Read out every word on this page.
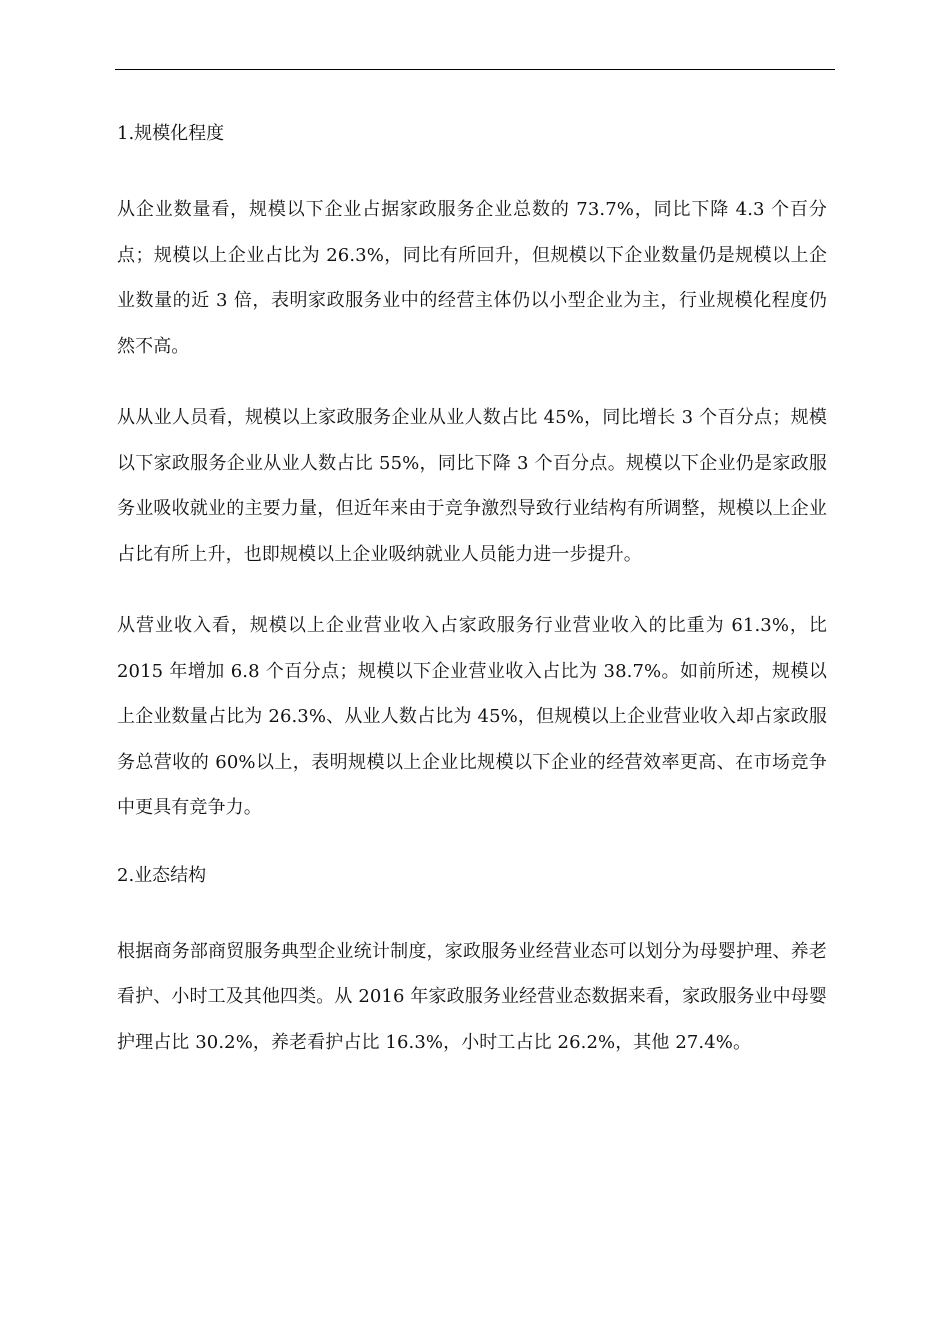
1.规模化程度

从企业数量看，规模以下企业占据家政服务企业总数的 73.7%，同比下降 4.3 个百分点；规模以上企业占比为 26.3%，同比有所回升，但规模以下企业数量仍是规模以上企业数量的近 3 倍，表明家政服务业中的经营主体仍以小型企业为主，行业规模化程度仍然不高。

从从业人员看，规模以上家政服务企业从业人数占比 45%，同比增长 3 个百分点；规模以下家政服务企业从业人数占比 55%，同比下降 3 个百分点。规模以下企业仍是家政服务业吸收就业的主要力量，但近年来由于竞争激烈导致行业结构有所调整，规模以上企业占比有所上升，也即规模以上企业吸纳就业人员能力进一步提升。

从营业收入看，规模以上企业营业收入占家政服务行业营业收入的比重为 61.3%，比 2015 年增加 6.8 个百分点；规模以下企业营业收入占比为 38.7%。如前所述，规模以上企业数量占比为 26.3%、从业人数占比为 45%，但规模以上企业营业收入却占家政服务总营收的 60%以上，表明规模以上企业比规模以下企业的经营效率更高、在市场竞争中更具有竞争力。

2.业态结构

根据商务部商贸服务典型企业统计制度，家政服务业经营业态可以划分为母婴护理、养老看护、小时工及其他四类。从 2016 年家政服务业经营业态数据来看，家政服务业中母婴护理占比 30.2%，养老看护占比 16.3%，小时工占比 26.2%，其他 27.4%。
